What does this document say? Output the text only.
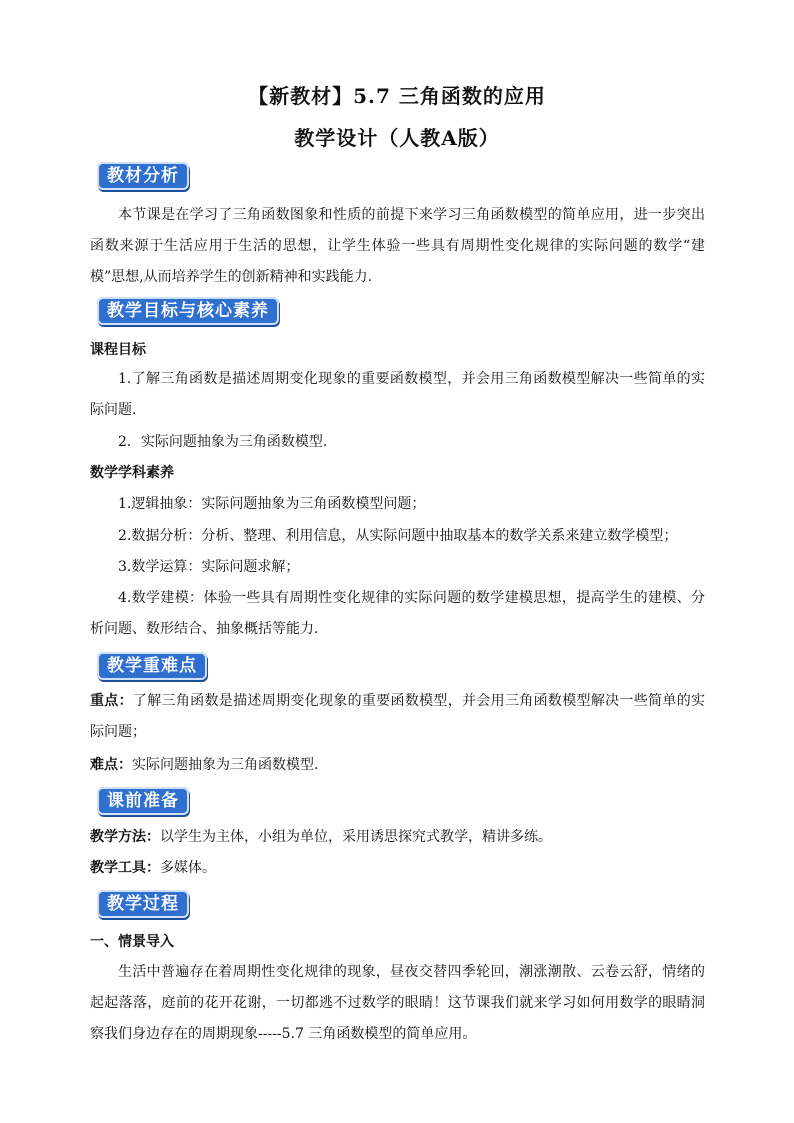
【新教材】5.7 三角函数的应用
教学设计（人教A版）
教材分析
本节课是在学习了三角函数图象和性质的前提下来学习三角函数模型的简单应用，进一步突出函数来源于生活应用于生活的思想，让学生体验一些具有周期性变化规律的实际问题的数学“建模”思想,从而培养学生的创新精神和实践能力.
教学目标与核心素养
课程目标
1.了解三角函数是描述周期变化现象的重要函数模型，并会用三角函数模型解决一些简单的实际问题．
2．实际问题抽象为三角函数模型．
数学学科素养
1.逻辑抽象：实际问题抽象为三角函数模型问题；
2.数据分析：分析、整理、利用信息，从实际问题中抽取基本的数学关系来建立数学模型；
3.数学运算：实际问题求解；
4.数学建模：体验一些具有周期性变化规律的实际问题的数学建模思想，提高学生的建模、分析问题、数形结合、抽象概括等能力.
教学重难点
重点：了解三角函数是描述周期变化现象的重要函数模型，并会用三角函数模型解决一些简单的实际问题；
难点：实际问题抽象为三角函数模型.
课前准备
教学方法：以学生为主体，小组为单位，采用诱思探究式教学，精讲多练。
教学工具：多媒体。
教学过程
一、情景导入
生活中普遍存在着周期性变化规律的现象，昼夜交替四季轮回，潮涨潮散、云卷云舒，情绪的起起落落，庭前的花开花谢，一切都逃不过数学的眼睛！这节课我们就来学习如何用数学的眼睛洞察我们身边存在的周期现象-----5.7 三角函数模型的简单应用。
